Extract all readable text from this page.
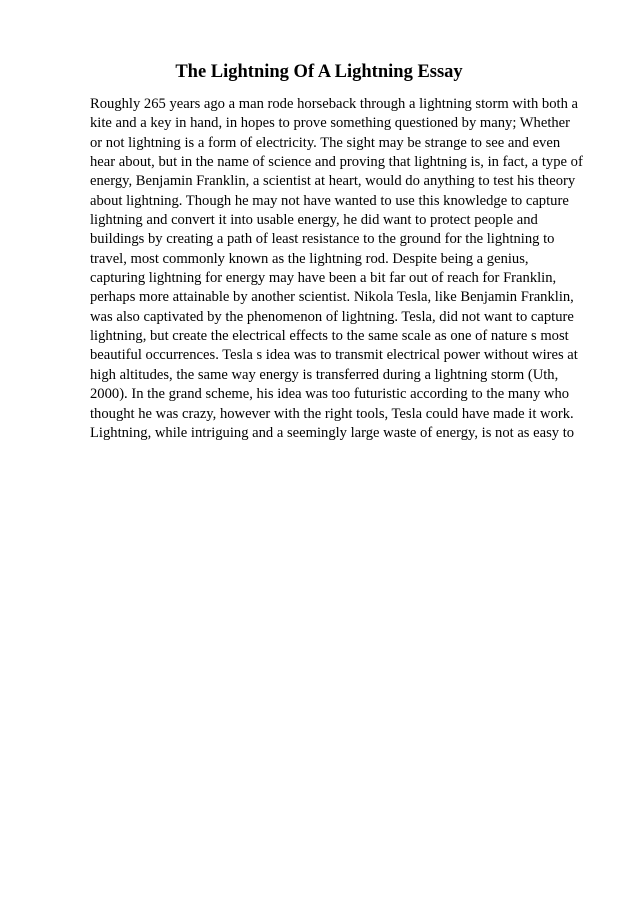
The Lightning Of A Lightning Essay
Roughly 265 years ago a man rode horseback through a lightning storm with both a
kite and a key in hand, in hopes to prove something questioned by many; Whether
or not lightning is a form of electricity. The sight may be strange to see and even
hear about, but in the name of science and proving that lightning is, in fact, a type of
energy, Benjamin Franklin, a scientist at heart, would do anything to test his theory
about lightning. Though he may not have wanted to use this knowledge to capture
lightning and convert it into usable energy, he did want to protect people and
buildings by creating a path of least resistance to the ground for the lightning to
travel, most commonly known as the lightning rod. Despite being a genius,
capturing lightning for energy may have been a bit far out of reach for Franklin,
perhaps more attainable by another scientist. Nikola Tesla, like Benjamin Franklin,
was also captivated by the phenomenon of lightning. Tesla, did not want to capture
lightning, but create the electrical effects to the same scale as one of nature s most
beautiful occurrences. Tesla s idea was to transmit electrical power without wires at
high altitudes, the same way energy is transferred during a lightning storm (Uth,
2000). In the grand scheme, his idea was too futuristic according to the many who
thought he was crazy, however with the right tools, Tesla could have made it work.
Lightning, while intriguing and a seemingly large waste of energy, is not as easy to
